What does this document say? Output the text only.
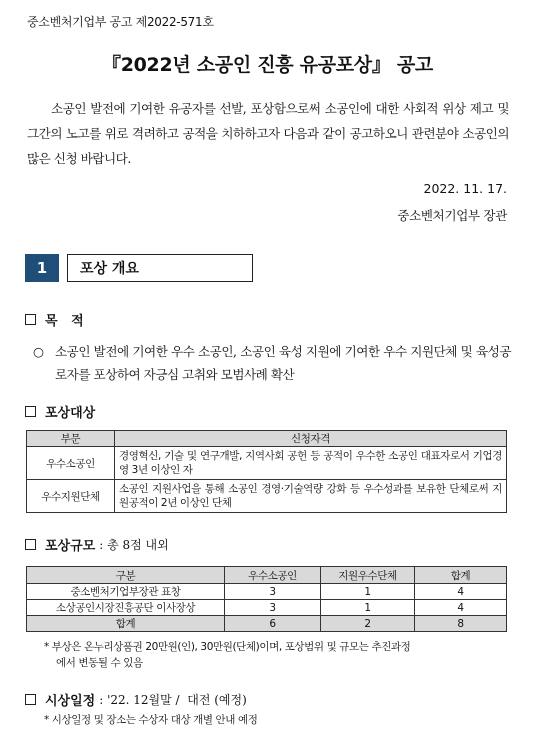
중소벤처기업부 공고 제2022-571호
『2022년 소공인 진흥 유공포상』 공고

소공인 발전에 기여한 유공자를 선발, 포상함으로써 소공인에 대한 사회적 위상 제고 및 그간의 노고를 위로 격려하고 공적을 치하하고자 다음과 같이 공고하오니 관련분야 소공인의 많은 신청 바랍니다.

2022. 11. 17.
중소벤처기업부 장관
1	포상 개요
목   적
○ 소공인 발전에 기여한 우수 소공인, 소공인 육성 지원에 기여한 우수 지원단체 및 육성공로자를 포상하여 자긍심 고취와 모범사례 확산
포상대상
부문	신청자격
우수소공인	경영혁신, 기술 및 연구개발, 지역사회 공헌 등 공적이 우수한 소공인 대표자로서 기업경영 3년 이상인 자
우수지원단체	소공인 지원사업을 통해 소공인 경영·기술역량 강화 등 우수성과를 보유한 단체로써 지원공적이 2년 이상인 단체
포상규모 : 총 8점 내외
구분	우수소공인	지원우수단체	합계
중소벤처기업부장관 표창	3	1	4
소상공인시장진흥공단 이사장상	3	1	4
합계	6	2	8
* 부상은 온누리상품권 20만원(인), 30만원(단체)이며, 포상범위 및 규모는 추진과정
에서 변동될 수 있음
시상일정 : '22. 12월말 /  대전 (예정)
* 시상일정 및 장소는 수상자 대상 개별 안내 예정
